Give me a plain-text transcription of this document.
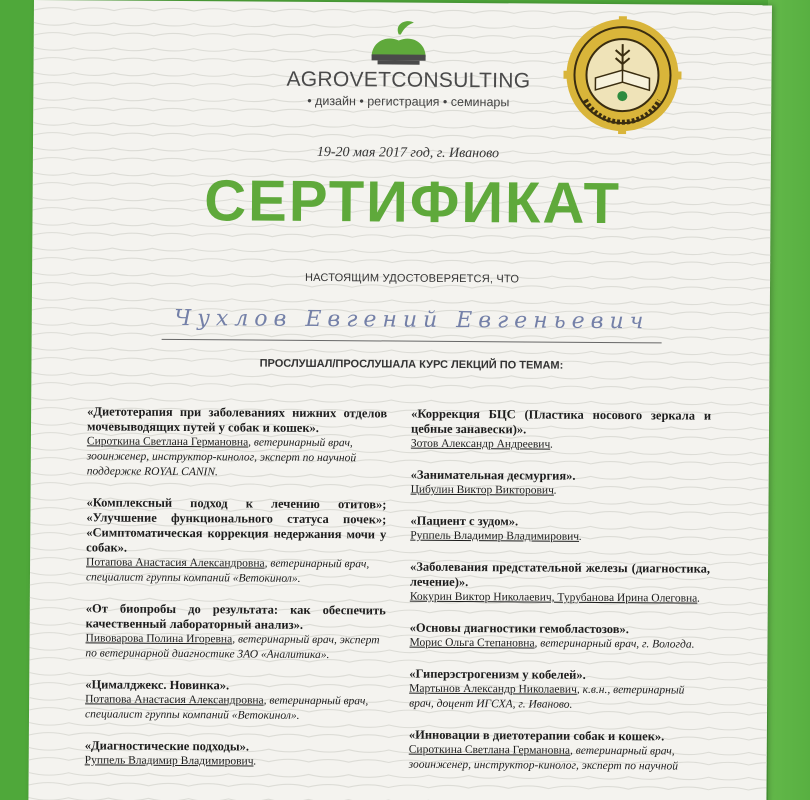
AGROVETCONSULTING
• дизайн • регистрация • семинары
19-20 мая 2017 год, г. Иваново
СЕРТИФИКАТ
НАСТОЯЩИМ УДОСТОВЕРЯЕТСЯ, ЧТО
Чухлов Евгений Евгеньевич
ПРОСЛУШАЛ/ПРОСЛУШАЛА КУРС ЛЕКЦИЙ ПО ТЕМАМ:
«Диетотерапия при заболеваниях нижних отделов мочевыводящих путей у собак и кошек».
Сироткина Светлана Германовна, ветеринарный врач, зооинженер, инструктор-кинолог, эксперт по научной поддержке ROYAL CANIN.
«Комплексный подход к лечению отитов»; «Улучшение функционального статуса почек»; «Симптоматическая коррекция недержания мочи у собак».
Потапова Анастасия Александровна, ветеринарный врач, специалист группы компаний «Ветокинол».
«От биопробы до результата: как обеспечить качественный лабораторный анализ».
Пивоварова Полина Игоревна, ветеринарный врач, эксперт по ветеринарной диагностике ЗАО «Аналитика».
«Цималджекс. Новинка».
Потапова Анастасия Александровна, ветеринарный врач, специалист группы компаний «Ветокинол».
«Диагностические подходы».
Руппель Владимир Владимирович.
«Коррекция БЦС (Пластика носового зеркала и цебные занавески)».
Зотов Александр Андреевич.
«Занимательная десмургия».
Цибулин Виктор Викторович.
«Пациент с зудом».
Руппель Владимир Владимирович.
«Заболевания предстательной железы (диагностика, лечение)».
Кокурин Виктор Николаевич, Турубанова Ирина Олеговна.
«Основы диагностики гемобластозов».
Морис Ольга Степановна, ветеринарный врач, г. Вологда.
«Гиперэстрогенизм у кобелей».
Мартынов Александр Николаевич, к.в.н., ветеринарный врач, доцент ИГСХА, г. Иваново.
«Инновации в диетотерапии собак и кошек».
Сироткина Светлана Германовна, ветеринарный врач, зооинженер, инструктор-кинолог, эксперт по научной
